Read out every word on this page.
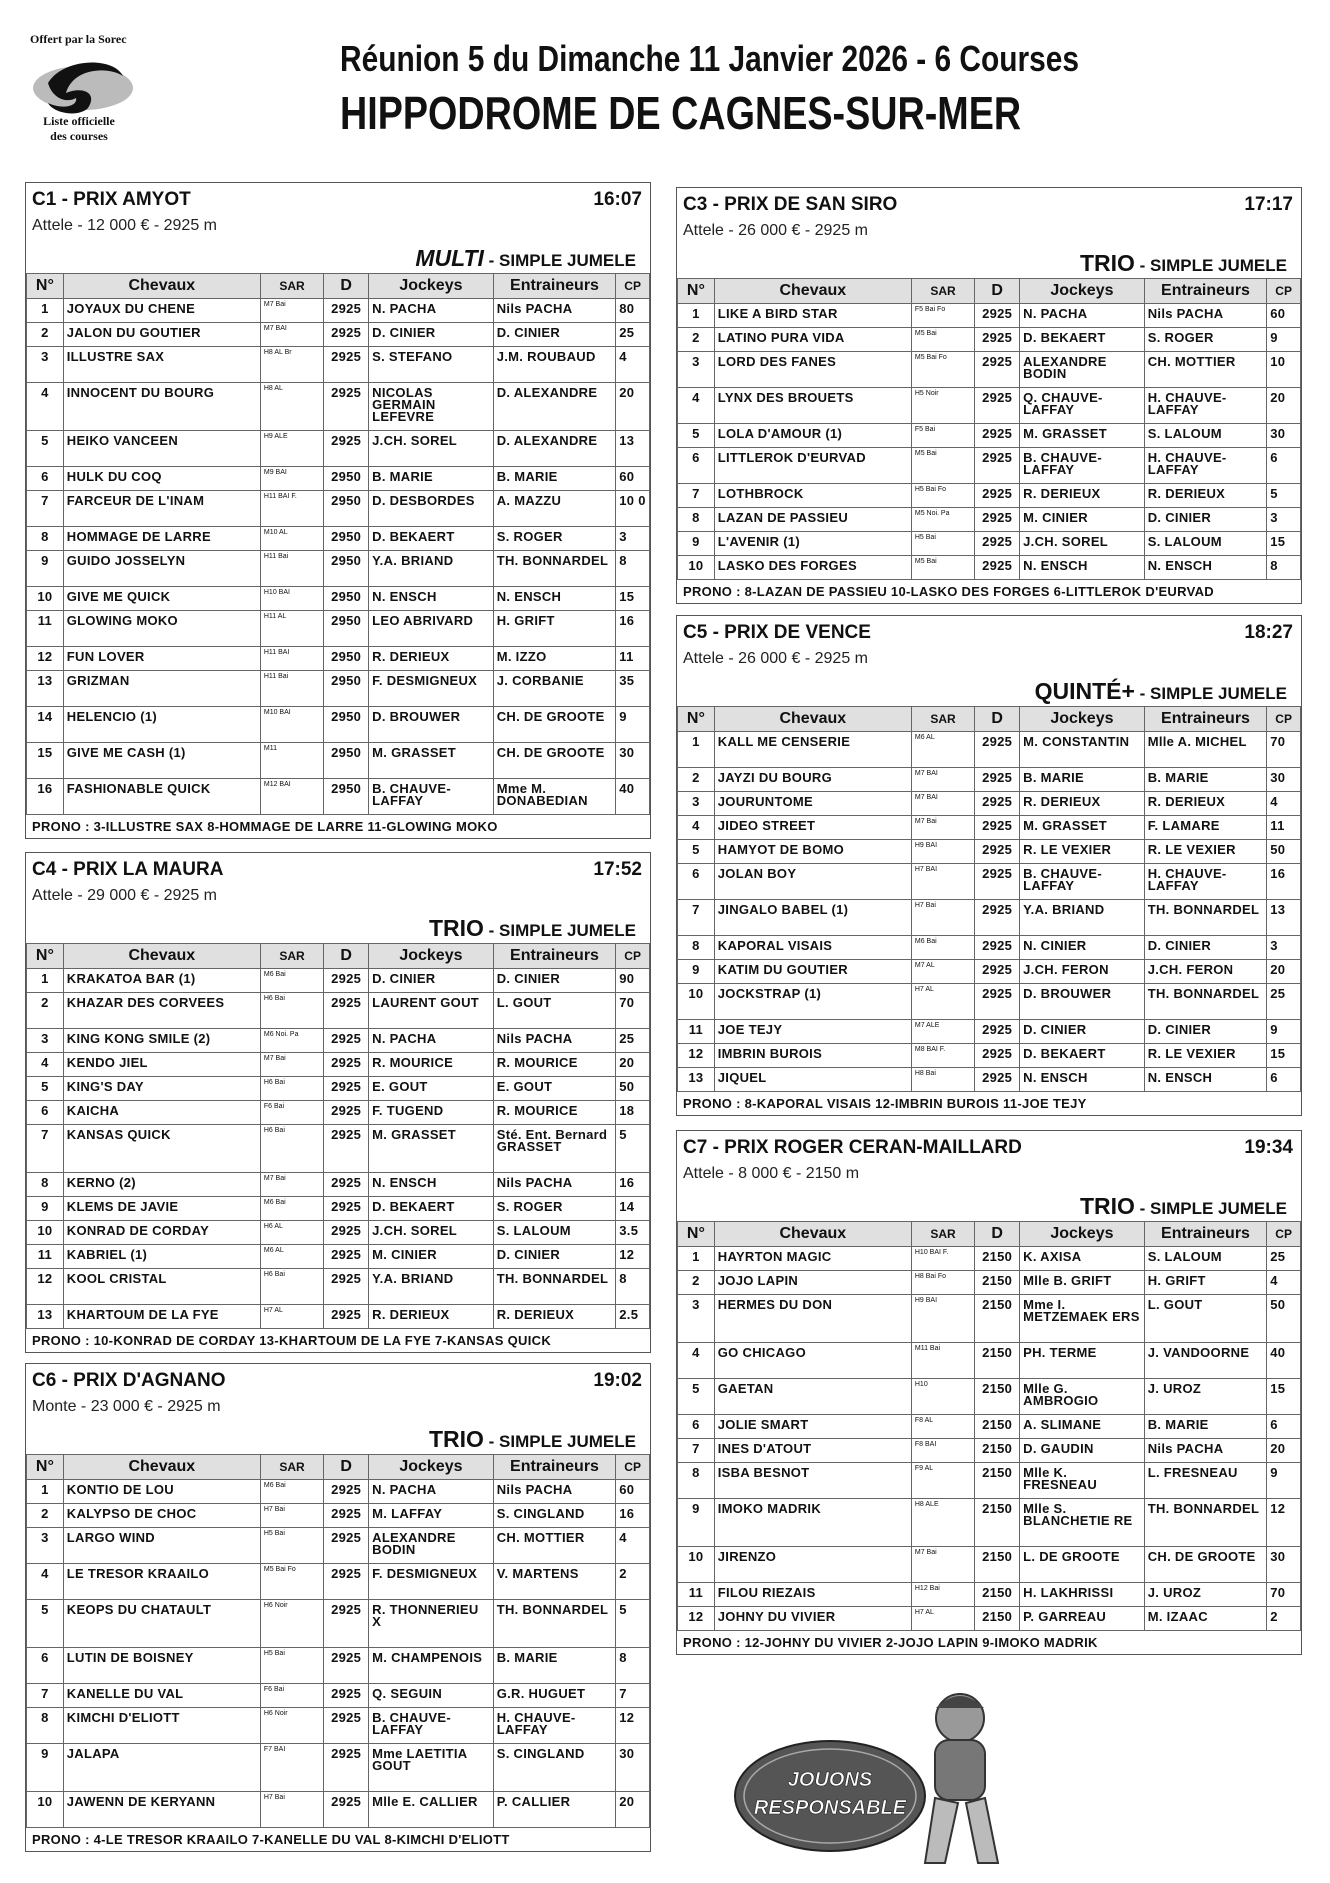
Offert par la Sorec
Liste officielle des courses
Réunion 5 du Dimanche 11 Janvier 2026 - 6 Courses
HIPPODROME DE CAGNES-SUR-MER
C1 - PRIX AMYOT	16:07
Attele - 12 000 € - 2925 m
MULTI - SIMPLE JUMELE
N°	Chevaux	SAR	D	Jockeys	Entraineurs	CP
1	JOYAUX DU CHENE	M7 Bai	2925	N. PACHA	Nils PACHA	80
2	JALON DU GOUTIER	M7 BAI	2925	D. CINIER	D. CINIER	25
3	ILLUSTRE SAX	H8 AL Br	2925	S. STEFANO	J.M. ROUBAUD	4
4	INNOCENT DU BOURG	H8 AL	2925	NICOLAS GERMAIN LEFEVRE	D. ALEXANDRE	20
5	HEIKO VANCEEN	H9 ALE	2925	J.CH. SOREL	D. ALEXANDRE	13
6	HULK DU COQ	M9 BAI	2950	B. MARIE	B. MARIE	60
7	FARCEUR DE L'INAM	H11 BAI F.	2950	D. DESBORDES	A. MAZZU	10 0
8	HOMMAGE DE LARRE	M10 AL	2950	D. BEKAERT	S. ROGER	3
9	GUIDO JOSSELYN	H11 Bai	2950	Y.A. BRIAND	TH. BONNARDEL	8
10	GIVE ME QUICK	H10 BAI	2950	N. ENSCH	N. ENSCH	15
11	GLOWING MOKO	H11 AL	2950	LEO ABRIVARD	H. GRIFT	16
12	FUN LOVER	H11 BAI	2950	R. DERIEUX	M. IZZO	11
13	GRIZMAN	H11 Bai	2950	F. DESMIGNEUX	J. CORBANIE	35
14	HELENCIO (1)	M10 BAI	2950	D. BROUWER	CH. DE GROOTE	9
15	GIVE ME CASH (1)	M11	2950	M. GRASSET	CH. DE GROOTE	30
16	FASHIONABLE QUICK	M12 BAI	2950	B. CHAUVE-LAFFAY	Mme M. DONABEDIAN	40
PRONO : 3-ILLUSTRE SAX 8-HOMMAGE DE LARRE 11-GLOWING MOKO
C4 - PRIX LA MAURA	17:52
Attele - 29 000 € - 2925 m
TRIO - SIMPLE JUMELE
N°	Chevaux	SAR	D	Jockeys	Entraineurs	CP
1	KRAKATOA BAR (1)	M6 Bai	2925	D. CINIER	D. CINIER	90
2	KHAZAR DES CORVEES	H6 Bai	2925	LAURENT GOUT	L. GOUT	70
3	KING KONG SMILE (2)	M6 Noi. Pa	2925	N. PACHA	Nils PACHA	25
4	KENDO JIEL	M7 Bai	2925	R. MOURICE	R. MOURICE	20
5	KING'S DAY	H6 Bai	2925	E. GOUT	E. GOUT	50
6	KAICHA	F6 Bai	2925	F. TUGEND	R. MOURICE	18
7	KANSAS QUICK	H6 Bai	2925	M. GRASSET	Sté. Ent. Bernard GRASSET	5
8	KERNO (2)	M7 Bai	2925	N. ENSCH	Nils PACHA	16
9	KLEMS DE JAVIE	M6 Bai	2925	D. BEKAERT	S. ROGER	14
10	KONRAD DE CORDAY	H6 AL	2925	J.CH. SOREL	S. LALOUM	3.5
11	KABRIEL (1)	M6 AL	2925	M. CINIER	D. CINIER	12
12	KOOL CRISTAL	H6 Bai	2925	Y.A. BRIAND	TH. BONNARDEL	8
13	KHARTOUM DE LA FYE	H7 AL	2925	R. DERIEUX	R. DERIEUX	2.5
PRONO : 10-KONRAD DE CORDAY 13-KHARTOUM DE LA FYE 7-KANSAS QUICK
C6 - PRIX D'AGNANO	19:02
Monte - 23 000 € - 2925 m
TRIO - SIMPLE JUMELE
N°	Chevaux	SAR	D	Jockeys	Entraineurs	CP
1	KONTIO DE LOU	M6 Bai	2925	N. PACHA	Nils PACHA	60
2	KALYPSO DE CHOC	H7 Bai	2925	M. LAFFAY	S. CINGLAND	16
3	LARGO WIND	H5 Bai	2925	ALEXANDRE BODIN	CH. MOTTIER	4
4	LE TRESOR KRAAILO	M5 Bai Fo	2925	F. DESMIGNEUX	V. MARTENS	2
5	KEOPS DU CHATAULT	H6 Noir	2925	R. THONNERIEU X	TH. BONNARDEL	5
6	LUTIN DE BOISNEY	H5 Bai	2925	M. CHAMPENOIS	B. MARIE	8
7	KANELLE DU VAL	F6 Bai	2925	Q. SEGUIN	G.R. HUGUET	7
8	KIMCHI D'ELIOTT	H6 Noir	2925	B. CHAUVE-LAFFAY	H. CHAUVE-LAFFAY	12
9	JALAPA	F7 BAI	2925	Mme LAETITIA GOUT	S. CINGLAND	30
10	JAWENN DE KERYANN	H7 Bai	2925	Mlle E. CALLIER	P. CALLIER	20
PRONO : 4-LE TRESOR KRAAILO 7-KANELLE DU VAL 8-KIMCHI D'ELIOTT
C3 - PRIX DE SAN SIRO	17:17
Attele - 26 000 € - 2925 m
TRIO - SIMPLE JUMELE
N°	Chevaux	SAR	D	Jockeys	Entraineurs	CP
1	LIKE A BIRD STAR	F5 Bai Fo	2925	N. PACHA	Nils PACHA	60
2	LATINO PURA VIDA	M5 Bai	2925	D. BEKAERT	S. ROGER	9
3	LORD DES FANES	M5 Bai Fo	2925	ALEXANDRE BODIN	CH. MOTTIER	10
4	LYNX DES BROUETS	H5 Noir	2925	Q. CHAUVE-LAFFAY	H. CHAUVE-LAFFAY	20
5	LOLA D'AMOUR (1)	F5 Bai	2925	M. GRASSET	S. LALOUM	30
6	LITTLEROK D'EURVAD	M5 Bai	2925	B. CHAUVE-LAFFAY	H. CHAUVE-LAFFAY	6
7	LOTHBROCK	H5 Bai Fo	2925	R. DERIEUX	R. DERIEUX	5
8	LAZAN DE PASSIEU	M5 Noi. Pa	2925	M. CINIER	D. CINIER	3
9	L'AVENIR (1)	H5 Bai	2925	J.CH. SOREL	S. LALOUM	15
10	LASKO DES FORGES	M5 Bai	2925	N. ENSCH	N. ENSCH	8
PRONO : 8-LAZAN DE PASSIEU 10-LASKO DES FORGES 6-LITTLEROK D'EURVAD
C5 - PRIX DE VENCE	18:27
Attele - 26 000 € - 2925 m
QUINTÉ+ - SIMPLE JUMELE
N°	Chevaux	SAR	D	Jockeys	Entraineurs	CP
1	KALL ME CENSERIE	M6 AL	2925	M. CONSTANTIN	Mlle A. MICHEL	70
2	JAYZI DU BOURG	M7 BAI	2925	B. MARIE	B. MARIE	30
3	JOURUNTOME	M7 BAI	2925	R. DERIEUX	R. DERIEUX	4
4	JIDEO STREET	M7 Bai	2925	M. GRASSET	F. LAMARE	11
5	HAMYOT DE BOMO	H9 BAI	2925	R. LE VEXIER	R. LE VEXIER	50
6	JOLAN BOY	H7 BAI	2925	B. CHAUVE-LAFFAY	H. CHAUVE-LAFFAY	16
7	JINGALO BABEL (1)	H7 Bai	2925	Y.A. BRIAND	TH. BONNARDEL	13
8	KAPORAL VISAIS	M6 Bai	2925	N. CINIER	D. CINIER	3
9	KATIM DU GOUTIER	M7 AL	2925	J.CH. FERON	J.CH. FERON	20
10	JOCKSTRAP (1)	H7 AL	2925	D. BROUWER	TH. BONNARDEL	25
11	JOE TEJY	M7 ALE	2925	D. CINIER	D. CINIER	9
12	IMBRIN BUROIS	M8 BAI F.	2925	D. BEKAERT	R. LE VEXIER	15
13	JIQUEL	H8 Bai	2925	N. ENSCH	N. ENSCH	6
PRONO : 8-KAPORAL VISAIS 12-IMBRIN BUROIS 11-JOE TEJY
C7 - PRIX ROGER CERAN-MAILLARD	19:34
Attele - 8 000 € - 2150 m
TRIO - SIMPLE JUMELE
N°	Chevaux	SAR	D	Jockeys	Entraineurs	CP
1	HAYRTON MAGIC	H10 BAI F.	2150	K. AXISA	S. LALOUM	25
2	JOJO LAPIN	H8 Bai Fo	2150	Mlle B. GRIFT	H. GRIFT	4
3	HERMES DU DON	H9 BAI	2150	Mme I. METZEMAEK ERS	L. GOUT	50
4	GO CHICAGO	M11 Bai	2150	PH. TERME	J. VANDOORNE	40
5	GAETAN	H10	2150	Mlle G. AMBROGIO	J. UROZ	15
6	JOLIE SMART	F8 AL	2150	A. SLIMANE	B. MARIE	6
7	INES D'ATOUT	F8 BAI	2150	D. GAUDIN	Nils PACHA	20
8	ISBA BESNOT	F9 AL	2150	Mlle K. FRESNEAU	L. FRESNEAU	9
9	IMOKO MADRIK	H8 ALE	2150	Mlle S. BLANCHETIE RE	TH. BONNARDEL	12
10	JIRENZO	M7 Bai	2150	L. DE GROOTE	CH. DE GROOTE	30
11	FILOU RIEZAIS	H12 Bai	2150	H. LAKHRISSI	J. UROZ	70
12	JOHNY DU VIVIER	H7 AL	2150	P. GARREAU	M. IZAAC	2
PRONO : 12-JOHNY DU VIVIER 2-JOJO LAPIN 9-IMOKO MADRIK
JOUONS
RESPONSABLE
